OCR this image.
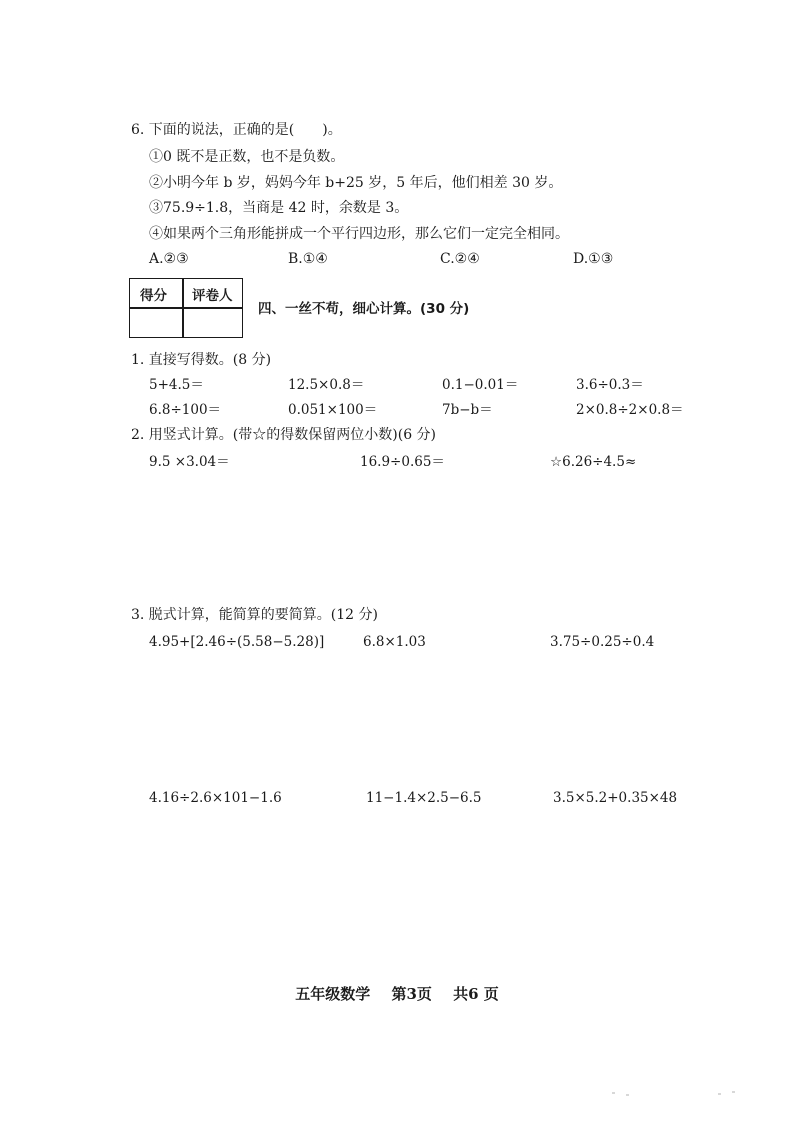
6. 下面的说法，正确的是(　　)。
①0 既不是正数，也不是负数。
②小明今年 b 岁，妈妈今年 b+25 岁，5 年后，他们相差 30 岁。
③75.9÷1.8，当商是 42 时，余数是 3。
④如果两个三角形能拼成一个平行四边形，那么它们一定完全相同。
A.②③	B.①④	C.②④	D.①③
得分 评卷人
四、一丝不苟，细心计算。(30 分)
1. 直接写得数。(8 分)
5+4.5＝	12.5×0.8＝	0.1−0.01＝	3.6÷0.3＝
6.8÷100＝	0.051×100＝	7b−b＝	2×0.8÷2×0.8＝
2. 用竖式计算。(带☆的得数保留两位小数)(6 分)
9.5 ×3.04＝	16.9÷0.65＝	☆6.26÷4.5≈
3. 脱式计算，能简算的要简算。(12 分)
4.95+[2.46÷(5.58−5.28)]	6.8×1.03	3.75÷0.25÷0.4
4.16÷2.6×101−1.6	11−1.4×2.5−6.5	3.5×5.2+0.35×48
五年级数学 第3页 共6 页
